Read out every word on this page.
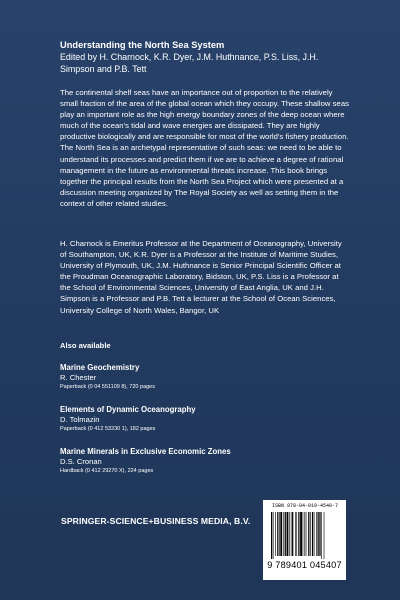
Understanding the North Sea System
Edited by H. Charnock, K.R. Dyer, J.M. Huthnance, P.S. Liss, J.H. Simpson and P.B. Tett
The continental shelf seas have an importance out of proportion to the relatively small fraction of the area of the global ocean which they occupy. These shallow seas play an important role as the high energy boundary zones of the deep ocean where much of the ocean's tidal and wave energies are dissipated. They are highly productive biologically and are responsible for most of the world's fishery production. The North Sea is an archetypal representative of such seas: we need to be able to understand its processes and predict them if we are to achieve a degree of rational management in the future as environmental threats increase. This book brings together the principal results from the North Sea Project which were presented at a discussion meeting organized by The Royal Society as well as setting them in the context of other related studies.
H. Charnock is Emeritus Professor at the Department of Oceanography, University of Southampton, UK, K.R. Dyer is a Professor at the Institute of Maritime Studies, University of Plymouth, UK, J.M. Huthnance is Senior Principal Scientific Officer at the Proudman Oceanographic Laboratory, Bidston, UK, P.S. Liss is a Professor at the School of Environmental Sciences, University of East Anglia, UK and J.H. Simpson is a Professor and P.B. Tett a lecturer at the School of Ocean Sciences, University College of North Wales, Bangor, UK
Also available
Marine Geochemistry
R. Chester
Paperback (0 04 551109 8), 720 pages
Elements of Dynamic Oceanography
D. Tolmazin
Paperback (0 412 53230 1), 182 pages
Marine Minerals in Exclusive Economic Zones
D.S. Cronan
Hardback (0 412 29270 X), 224 pages
SPRINGER-SCIENCE+BUSINESS MEDIA, B.V.
ISBN 978-94-010-4540-7
9 789401 045407
